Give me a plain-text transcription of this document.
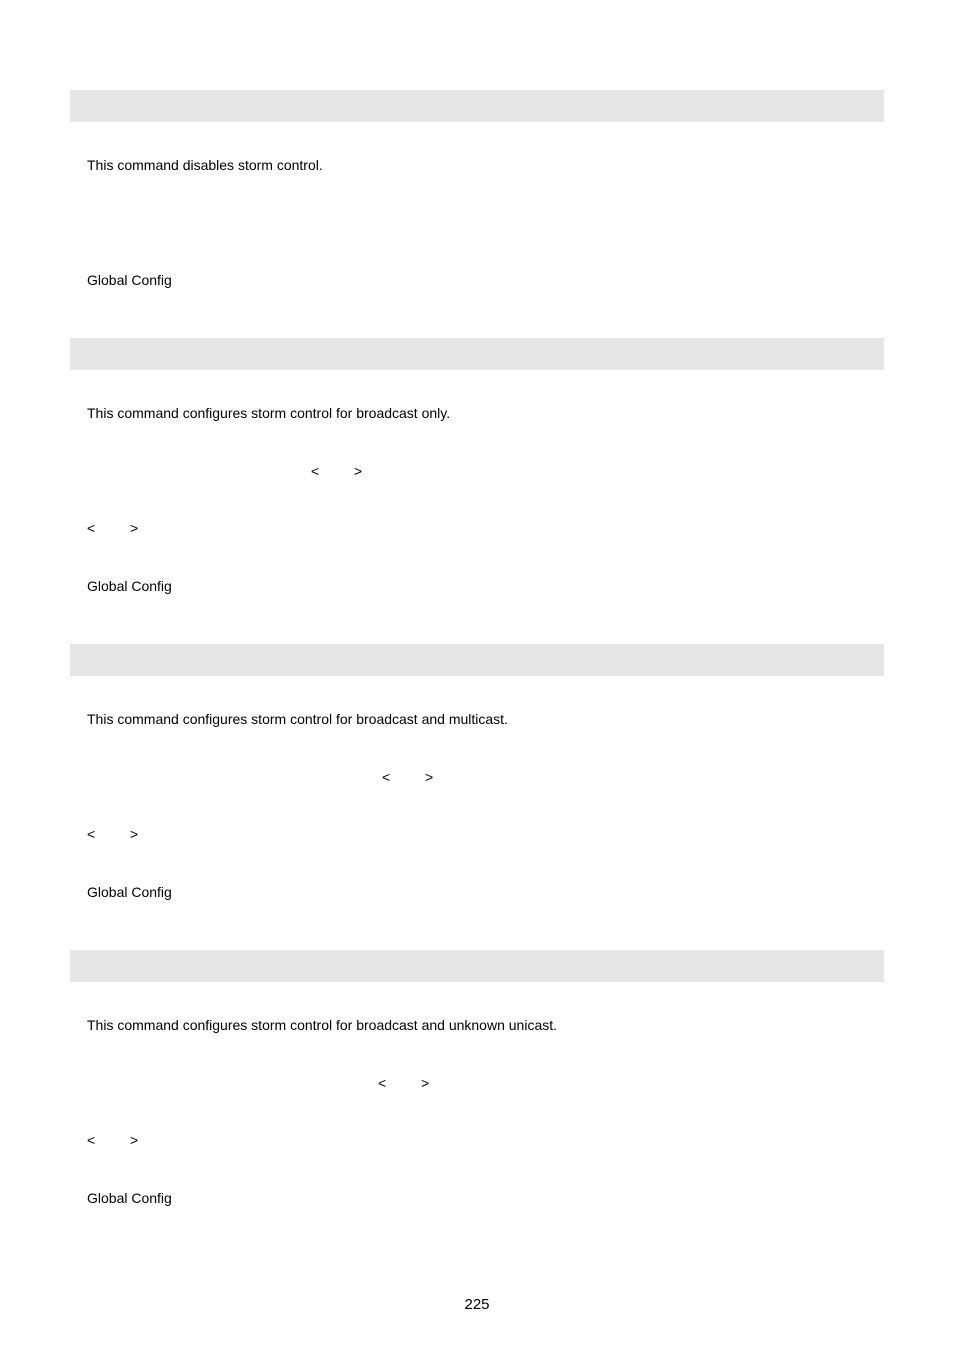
This command disables storm control.
Global Config
This command configures storm control for broadcast only.
< >
< >
Global Config
This command configures storm control for broadcast and multicast.
< >
< >
Global Config
This command configures storm control for broadcast and unknown unicast.
< >
< >
Global Config
225
